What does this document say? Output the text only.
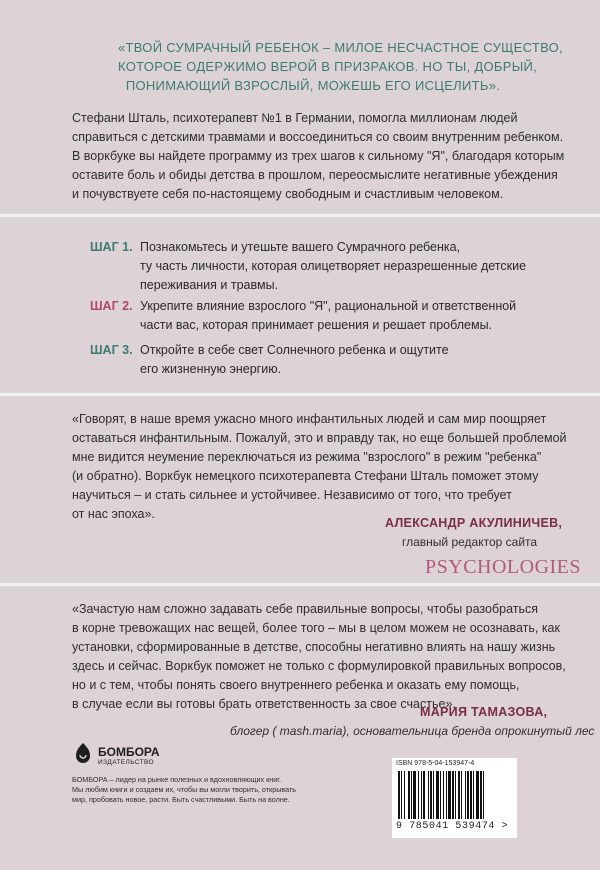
«ТВОЙ СУМРАЧНЫЙ РЕБЕНОК – МИЛОЕ НЕСЧАСТНОЕ СУЩЕСТВО,
КОТОРОЕ ОДЕРЖИМО ВЕРОЙ В ПРИЗРАКОВ. НО ТЫ, ДОБРЫЙ,
ПОНИМАЮЩИЙ ВЗРОСЛЫЙ, МОЖЕШЬ ЕГО ИСЦЕЛИТЬ».
Стефани Шталь, психотерапевт №1 в Германии, помогла миллионам людей
справиться с детскими травмами и воссоединиться со своим внутренним ребенком.
В воркбуке вы найдете программу из трех шагов к сильному "Я", благодаря которым
оставите боль и обиды детства в прошлом, переосмыслите негативные убеждения
и почувствуете себя по-настоящему свободным и счастливым человеком.
ШАГ 1. Познакомьтесь и утешьте вашего Сумрачного ребенка,
ту часть личности, которая олицетворяет неразрешенные детские
переживания и травмы.
ШАГ 2. Укрепите влияние взрослого "Я", рациональной и ответственной
части вас, которая принимает решения и решает проблемы.
ШАГ 3. Откройте в себе свет Солнечного ребенка и ощутите
его жизненную энергию.
«Говорят, в наше время ужасно много инфантильных людей и сам мир поощряет
оставаться инфантильным. Пожалуй, это и вправду так, но еще большей проблемой
мне видится неумение переключаться из режима "взрослого" в режим "ребенка"
(и обратно). Воркбук немецкого психотерапевта Стефани Шталь поможет этому
научиться – и стать сильнее и устойчивее. Независимо от того, что требует
от нас эпоха».
АЛЕКСАНДР АКУЛИНИЧЕВ,
главный редактор сайта
PSYCHOLOGIES
«Зачастую нам сложно задавать себе правильные вопросы, чтобы разобраться
в корне тревожащих нас вещей, более того – мы в целом можем не осознавать, как
установки, сформированные в детстве, способны негативно влиять на нашу жизнь
здесь и сейчас. Воркбук поможет не только с формулировкой правильных вопросов,
но и с тем, чтобы понять своего внутреннего ребенка и оказать ему помощь,
в случае если вы готовы брать ответственность за свое счастье».
МАРИЯ ТАМАЗОВА,
блогер ( mash.maria), основательница бренда опрокинутый лес
БОМБОРА
ИЗДАТЕЛЬСТВО
БОМБОРА – лидер на рынке полезных и вдохновляющих книг.
Мы любим книги и создаем их, чтобы вы могли творить, открывать
мир, пробовать новое, расти. Быть счастливыми. Быть на волне.
ISBN 978-5-04-153947-4
9 785041 539474 >
